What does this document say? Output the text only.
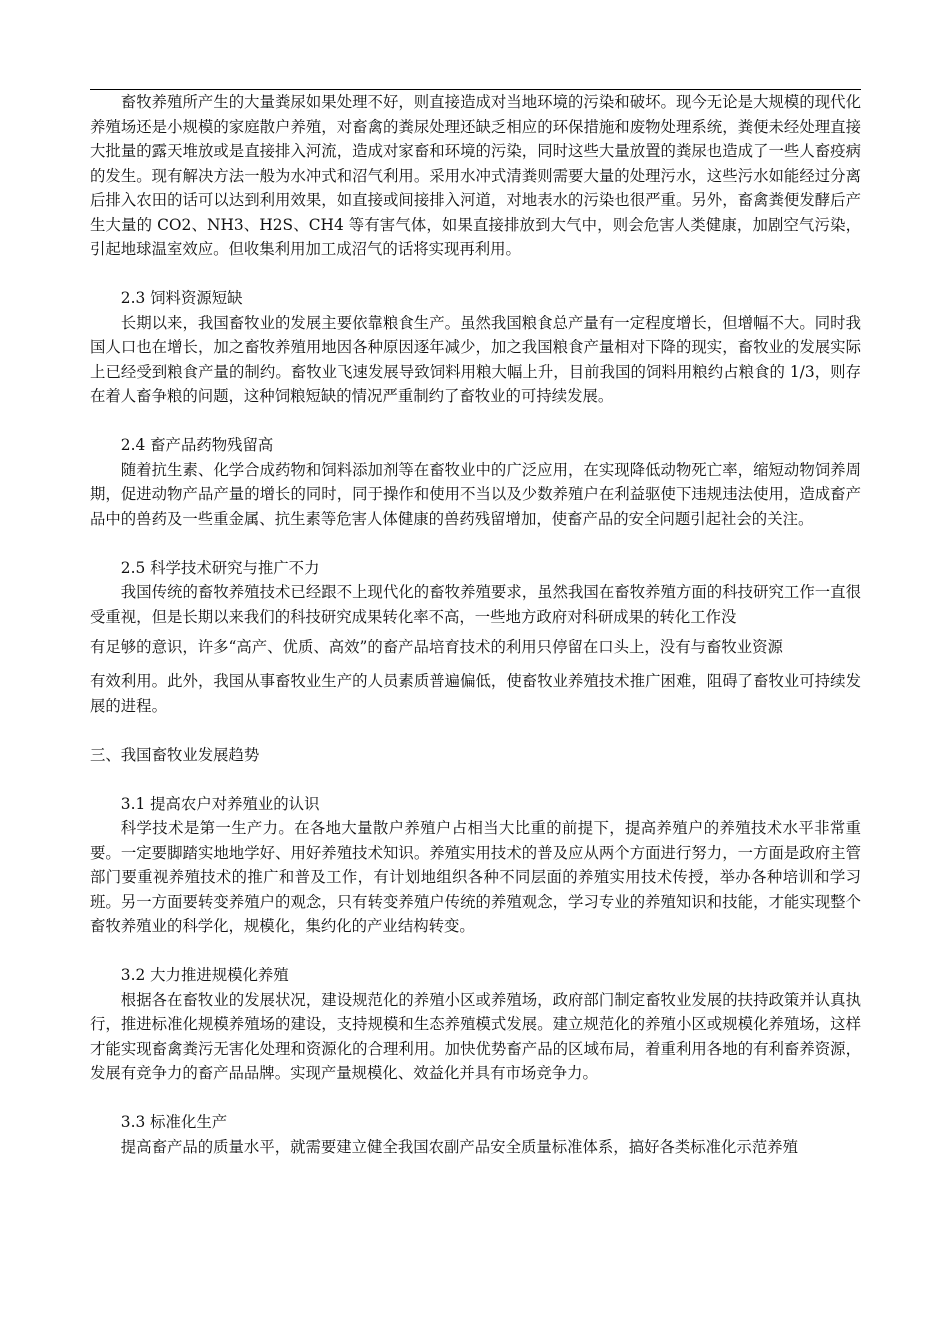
畜牧养殖所产生的大量粪尿如果处理不好，则直接造成对当地环境的污染和破坏。现今无论是大规模的现代化养殖场还是小规模的家庭散户养殖，对畜禽的粪尿处理还缺乏相应的环保措施和废物处理系统，粪便未经处理直接大批量的露天堆放或是直接排入河流，造成对家畜和环境的污染，同时这些大量放置的粪尿也造成了一些人畜疫病的发生。现有解决方法一般为水冲式和沼气利用。采用水冲式清粪则需要大量的处理污水，这些污水如能经过分离后排入农田的话可以达到利用效果，如直接或间接排入河道，对地表水的污染也很严重。另外，畜禽粪便发酵后产生大量的 CO2、NH3、H2S、CH4 等有害气体，如果直接排放到大气中，则会危害人类健康，加剧空气污染，引起地球温室效应。但收集利用加工成沼气的话将实现再利用。

2.3 饲料资源短缺

长期以来，我国畜牧业的发展主要依靠粮食生产。虽然我国粮食总产量有一定程度增长，但增幅不大。同时我国人口也在增长，加之畜牧养殖用地因各种原因逐年减少，加之我国粮食产量相对下降的现实，畜牧业的发展实际上已经受到粮食产量的制约。畜牧业飞速发展导致饲料用粮大幅上升，目前我国的饲料用粮约占粮食的 1/3，则存在着人畜争粮的问题，这种饲粮短缺的情况严重制约了畜牧业的可持续发展。

2.4 畜产品药物残留高

随着抗生素、化学合成药物和饲料添加剂等在畜牧业中的广泛应用，在实现降低动物死亡率，缩短动物饲养周期，促进动物产品产量的增长的同时，同于操作和使用不当以及少数养殖户在利益驱使下违规违法使用，造成畜产品中的兽药及一些重金属、抗生素等危害人体健康的兽药残留增加，使畜产品的安全问题引起社会的关注。

2.5 科学技术研究与推广不力

我国传统的畜牧养殖技术已经跟不上现代化的畜牧养殖要求，虽然我国在畜牧养殖方面的科技研究工作一直很受重视，但是长期以来我们的科技研究成果转化率不高，一些地方政府对科研成果的转化工作没

有足够的意识，许多“高产、优质、高效”的畜产品培育技术的利用只停留在口头上，没有与畜牧业资源

有效利用。此外，我国从事畜牧业生产的人员素质普遍偏低，使畜牧业养殖技术推广困难，阻碍了畜牧业可持续发展的进程。

三、我国畜牧业发展趋势

3.1 提高农户对养殖业的认识

科学技术是第一生产力。在各地大量散户养殖户占相当大比重的前提下，提高养殖户的养殖技术水平非常重要。一定要脚踏实地地学好、用好养殖技术知识。养殖实用技术的普及应从两个方面进行努力，一方面是政府主管部门要重视养殖技术的推广和普及工作，有计划地组织各种不同层面的养殖实用技术传授，举办各种培训和学习班。另一方面要转变养殖户的观念，只有转变养殖户传统的养殖观念，学习专业的养殖知识和技能，才能实现整个畜牧养殖业的科学化，规模化，集约化的产业结构转变。

3.2 大力推进规模化养殖

根据各在畜牧业的发展状况，建设规范化的养殖小区或养殖场，政府部门制定畜牧业发展的扶持政策并认真执行，推进标准化规模养殖场的建设，支持规模和生态养殖模式发展。建立规范化的养殖小区或规模化养殖场，这样才能实现畜禽粪污无害化处理和资源化的合理利用。加快优势畜产品的区域布局，着重利用各地的有利畜养资源，发展有竞争力的畜产品品牌。实现产量规模化、效益化并具有市场竞争力。

3.3 标准化生产

提高畜产品的质量水平，就需要建立健全我国农副产品安全质量标准体系，搞好各类标准化示范养殖
